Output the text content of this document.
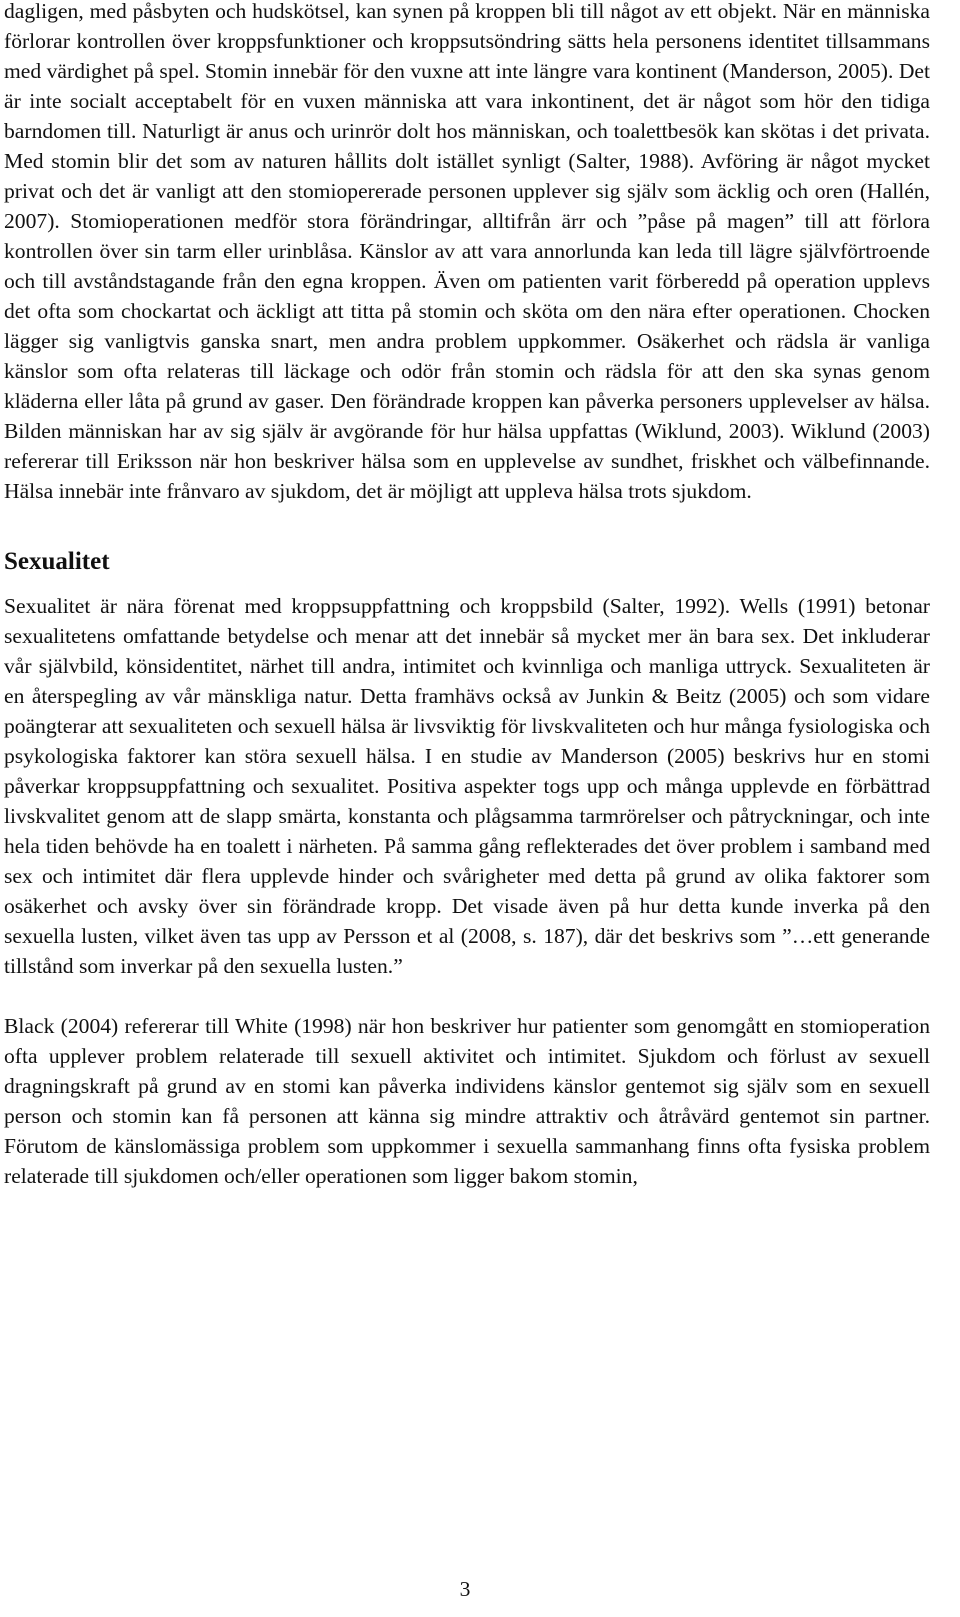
dagligen, med påsbyten och hudskötsel, kan synen på kroppen bli till något av ett objekt. När en människa förlorar kontrollen över kroppsfunktioner och kroppsutsöndring sätts hela personens identitet tillsammans med värdighet på spel. Stomin innebär för den vuxne att inte längre vara kontinent (Manderson, 2005). Det är inte socialt acceptabelt för en vuxen människa att vara inkontinent, det är något som hör den tidiga barndomen till. Naturligt är anus och urinrör dolt hos människan, och toalettbesök kan skötas i det privata. Med stomin blir det som av naturen hållits dolt istället synligt (Salter, 1988). Avföring är något mycket privat och det är vanligt att den stomiopererade personen upplever sig själv som äcklig och oren (Hallén, 2007). Stomioperationen medför stora förändringar, alltifrån ärr och ”påse på magen” till att förlora kontrollen över sin tarm eller urinblåsa. Känslor av att vara annorlunda kan leda till lägre självförtroende och till avståndstagande från den egna kroppen. Även om patienten varit förberedd på operation upplevs det ofta som chockartat och äckligt att titta på stomin och sköta om den nära efter operationen. Chocken lägger sig vanligtvis ganska snart, men andra problem uppkommer. Osäkerhet och rädsla är vanliga känslor som ofta relateras till läckage och odör från stomin och rädsla för att den ska synas genom kläderna eller låta på grund av gaser. Den förändrade kroppen kan påverka personers upplevelser av hälsa. Bilden människan har av sig själv är avgörande för hur hälsa uppfattas (Wiklund, 2003). Wiklund (2003) refererar till Eriksson när hon beskriver hälsa som en upplevelse av sundhet, friskhet och välbefinnande. Hälsa innebär inte frånvaro av sjukdom, det är möjligt att uppleva hälsa trots sjukdom.

Sexualitet

Sexualitet är nära förenat med kroppsuppfattning och kroppsbild (Salter, 1992). Wells (1991) betonar sexualitetens omfattande betydelse och menar att det innebär så mycket mer än bara sex. Det inkluderar vår självbild, könsidentitet, närhet till andra, intimitet och kvinnliga och manliga uttryck. Sexualiteten är en återspegling av vår mänskliga natur. Detta framhävs också av Junkin & Beitz (2005) och som vidare poängterar att sexualiteten och sexuell hälsa är livsviktig för livskvaliteten och hur många fysiologiska och psykologiska faktorer kan störa sexuell hälsa. I en studie av Manderson (2005) beskrivs hur en stomi påverkar kroppsuppfattning och sexualitet. Positiva aspekter togs upp och många upplevde en förbättrad livskvalitet genom att de slapp smärta, konstanta och plågsamma tarmrörelser och påtryckningar, och inte hela tiden behövde ha en toalett i närheten. På samma gång reflekterades det över problem i samband med sex och intimitet där flera upplevde hinder och svårigheter med detta på grund av olika faktorer som osäkerhet och avsky över sin förändrade kropp. Det visade även på hur detta kunde inverka på den sexuella lusten, vilket även tas upp av Persson et al (2008, s. 187), där det beskrivs som ”…ett generande tillstånd som inverkar på den sexuella lusten.”

Black (2004) refererar till White (1998) när hon beskriver hur patienter som genomgått en stomioperation ofta upplever problem relaterade till sexuell aktivitet och intimitet. Sjukdom och förlust av sexuell dragningskraft på grund av en stomi kan påverka individens känslor gentemot sig själv som en sexuell person och stomin kan få personen att känna sig mindre attraktiv och åtråvärd gentemot sin partner. Förutom de känslomässiga problem som uppkommer i sexuella sammanhang finns ofta fysiska problem relaterade till sjukdomen och/eller operationen som ligger bakom stomin,

3
